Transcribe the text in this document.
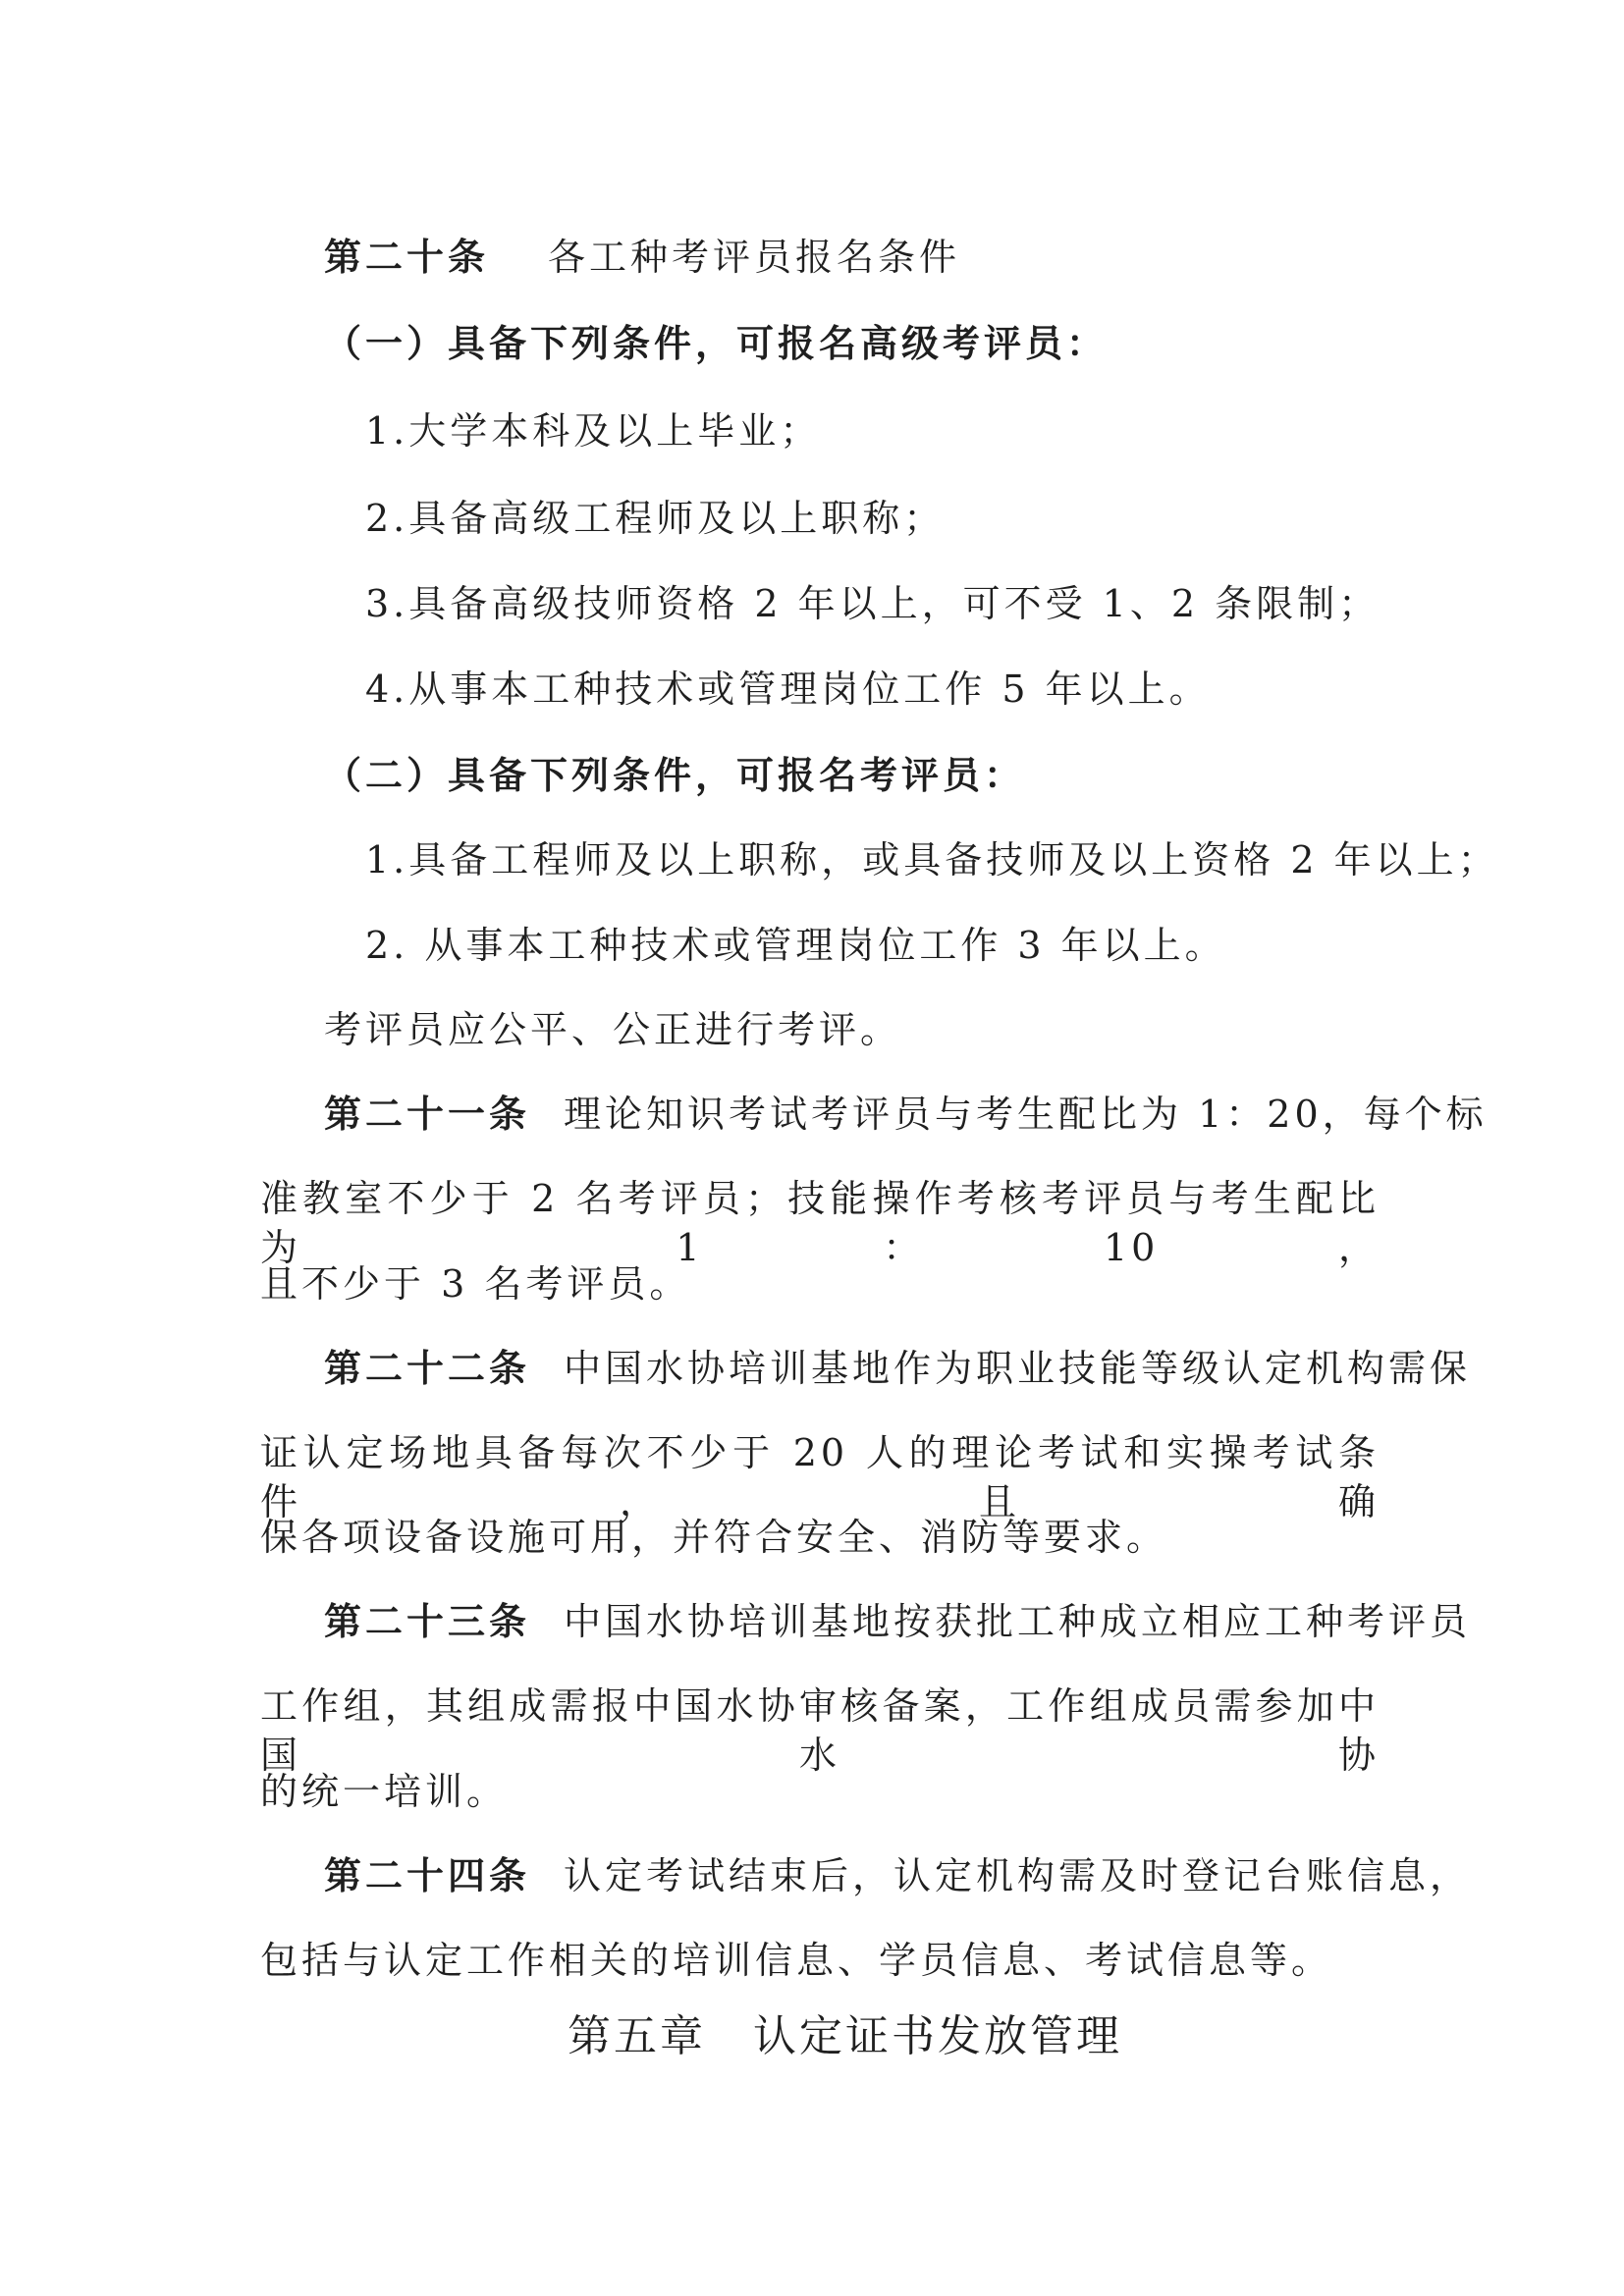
第二十条 各工种考评员报名条件
（一）具备下列条件，可报名高级考评员：
1.大学本科及以上毕业；
2.具备高级工程师及以上职称；
3.具备高级技师资格 2 年以上，可不受 1、2 条限制；
4.从事本工种技术或管理岗位工作 5 年以上。
（二）具备下列条件，可报名考评员：
1.具备工程师及以上职称，或具备技师及以上资格 2 年以上；
2. 从事本工种技术或管理岗位工作 3 年以上。
考评员应公平、公正进行考评。
第二十一条 理论知识考试考评员与考生配比为 1：20，每个标
准教室不少于 2 名考评员；技能操作考核考评员与考生配比为 1：10，
且不少于 3 名考评员。
第二十二条 中国水协培训基地作为职业技能等级认定机构需保
证认定场地具备每次不少于 20 人的理论考试和实操考试条件，且确
保各项设备设施可用，并符合安全、消防等要求。
第二十三条 中国水协培训基地按获批工种成立相应工种考评员
工作组，其组成需报中国水协审核备案，工作组成员需参加中国水协
的统一培训。
第二十四条 认定考试结束后，认定机构需及时登记台账信息，
包括与认定工作相关的培训信息、学员信息、考试信息等。
第五章 认定证书发放管理
